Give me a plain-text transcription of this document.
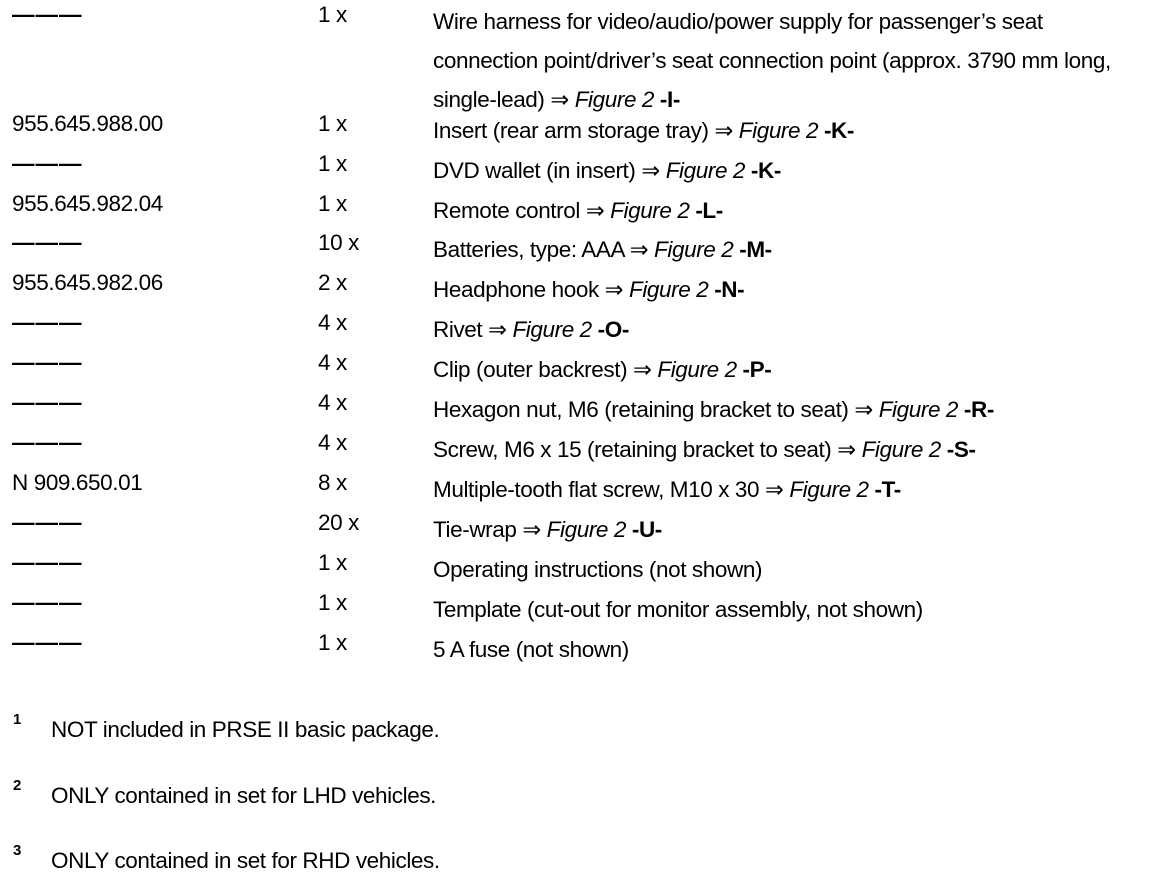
———	1 x	Wire harness for video/audio/power supply for passenger’s seat connection point/driver’s seat connection point (approx. 3790 mm long, single-lead) ⇒ Figure 2 -I-
955.645.988.00	1 x	Insert (rear arm storage tray) ⇒ Figure 2 -K-
———	1 x	DVD wallet (in insert) ⇒ Figure 2 -K-
955.645.982.04	1 x	Remote control ⇒ Figure 2 -L-
———	10 x	Batteries, type: AAA ⇒ Figure 2 -M-
955.645.982.06	2 x	Headphone hook ⇒ Figure 2 -N-
———	4 x	Rivet ⇒ Figure 2 -O-
———	4 x	Clip (outer backrest) ⇒ Figure 2 -P-
———	4 x	Hexagon nut, M6 (retaining bracket to seat) ⇒ Figure 2 -R-
———	4 x	Screw, M6 x 15 (retaining bracket to seat) ⇒ Figure 2 -S-
N 909.650.01	8 x	Multiple-tooth flat screw, M10 x 30 ⇒ Figure 2 -T-
———	20 x	Tie-wrap ⇒ Figure 2 -U-
———	1 x	Operating instructions (not shown)
———	1 x	Template (cut-out for monitor assembly, not shown)
———	1 x	5 A fuse (not shown)
1 NOT included in PRSE II basic package.
2 ONLY contained in set for LHD vehicles.
3 ONLY contained in set for RHD vehicles.
